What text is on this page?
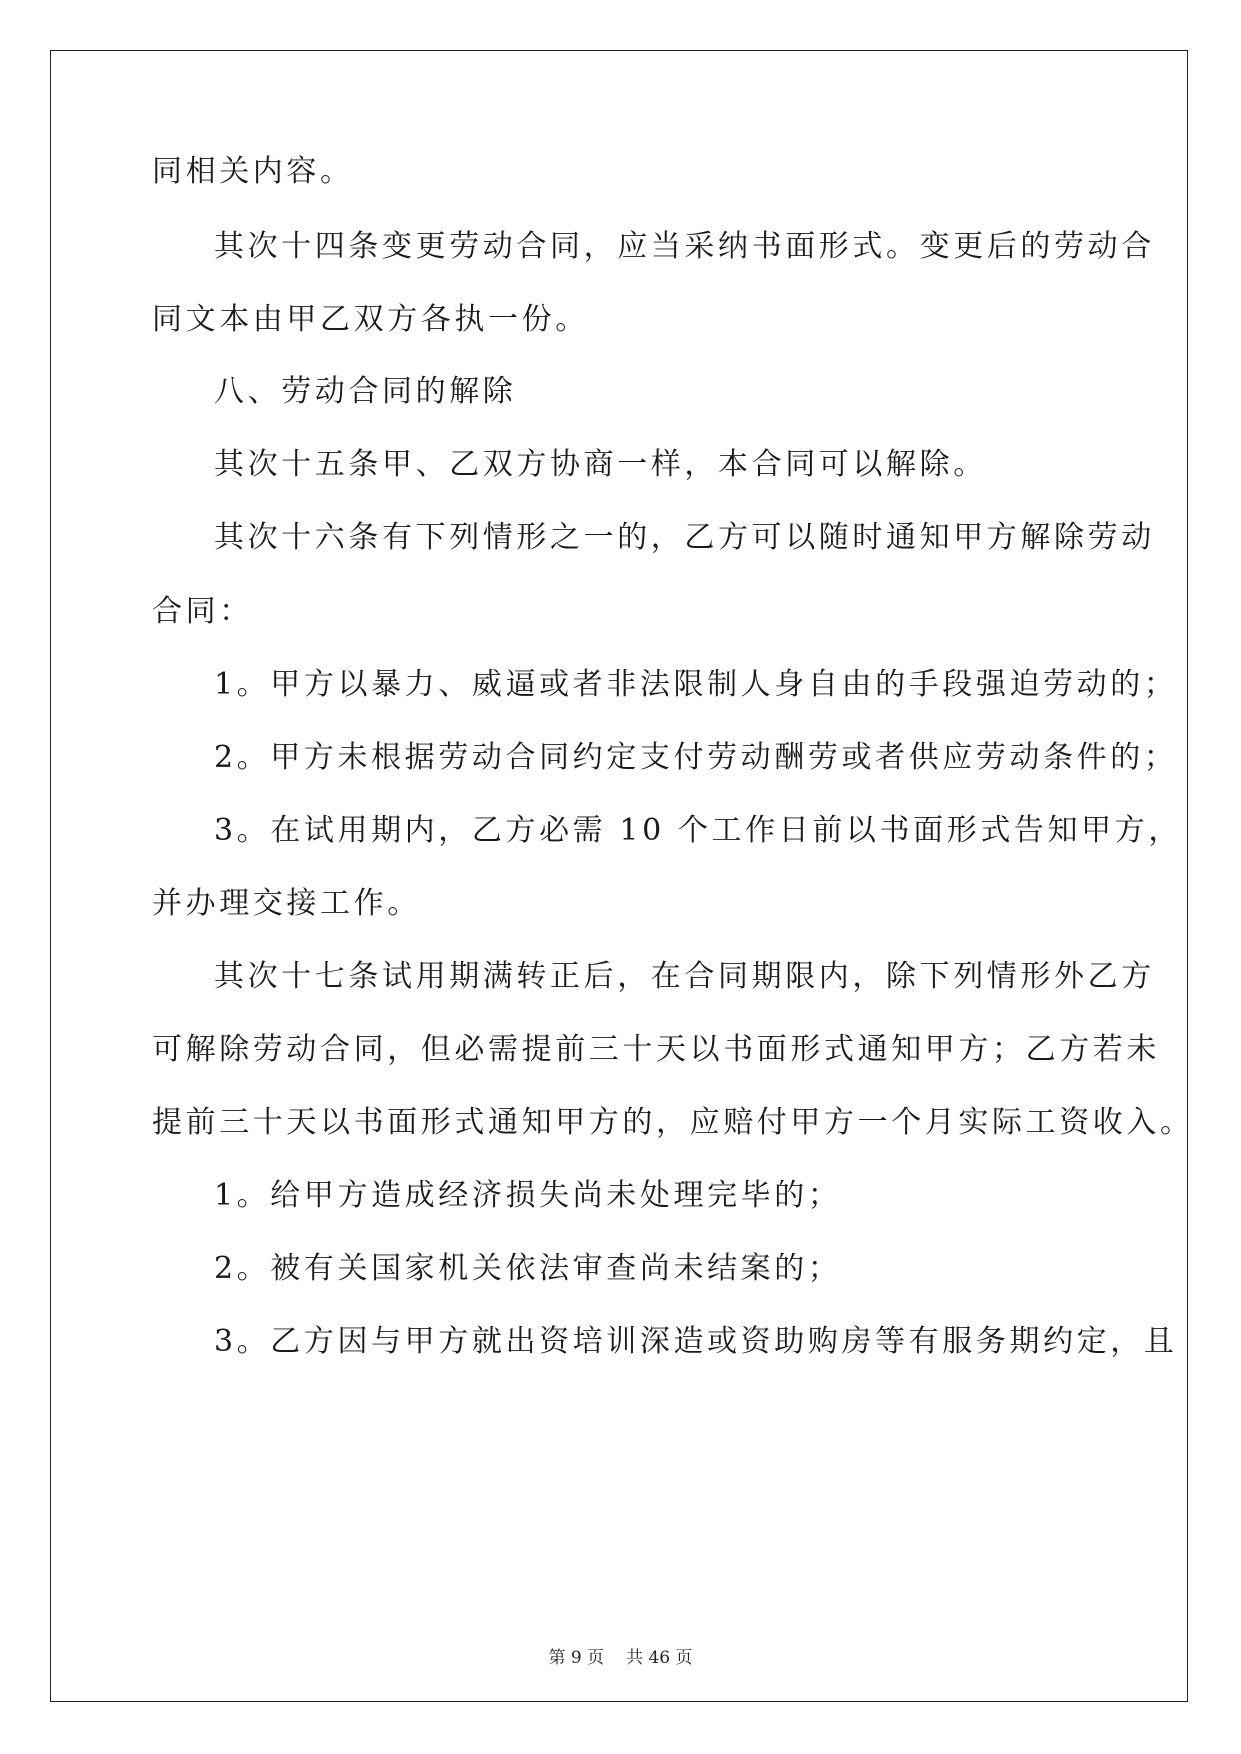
同相关内容。
其次十四条变更劳动合同，应当采纳书面形式。变更后的劳动合
同文本由甲乙双方各执一份。
八、劳动合同的解除
其次十五条甲、乙双方协商一样，本合同可以解除。
其次十六条有下列情形之一的，乙方可以随时通知甲方解除劳动
合同：
1。甲方以暴力、威逼或者非法限制人身自由的手段强迫劳动的；
2。甲方未根据劳动合同约定支付劳动酬劳或者供应劳动条件的；
3。在试用期内，乙方必需 10 个工作日前以书面形式告知甲方，
并办理交接工作。
其次十七条试用期满转正后，在合同期限内，除下列情形外乙方
可解除劳动合同，但必需提前三十天以书面形式通知甲方；乙方若未
提前三十天以书面形式通知甲方的，应赔付甲方一个月实际工资收入。
1。给甲方造成经济损失尚未处理完毕的；
2。被有关国家机关依法审查尚未结案的；
3。乙方因与甲方就出资培训深造或资助购房等有服务期约定，且
第 9 页 共 46 页
